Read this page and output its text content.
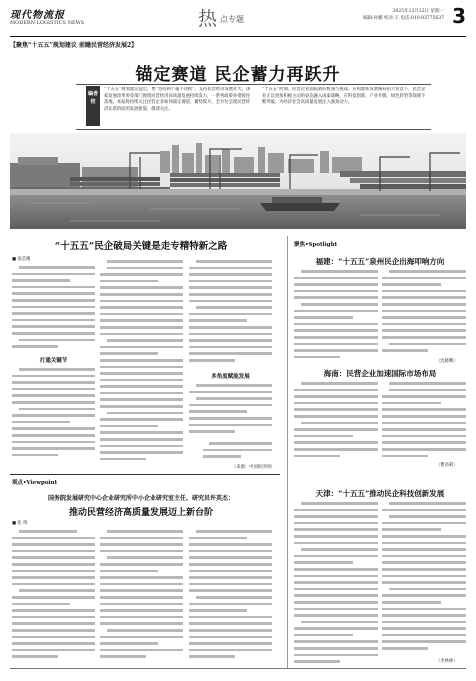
现代物流报
MODERN LOGISTICS NEWS	热 点专题
2025年12月22日 星期一
编辑:孙鹏 校对:王 电话:010-83775637 3
【聚焦“十五五”规划建议 前瞻民营经济发展2】
锚定赛道 民企蓄力再跃升
编者按
“十五五”规划建议提出，要“坚持两个毫不动摇”，支持民营经济发展壮大。国家发展改革委等部门围绕民营经济高质量发展持续发力，一系列政策举措接连落地。本报将持续关注民营企业如何锚定赛道、蓄势跃升，全方位呈现民营经济在新阶段的发展新貌，敬请关注。
“十五五”时期，民营企业面临新的机遇与挑战。在构建新发展格局的大背景下，民营企业正以更加积极主动的姿态融入国家战略，在科技创新、产业升级、绿色转型等领域不断突破，为经济社会高质量发展注入强劲动力。
“十五五”民企破局关键是走专精特新之路
■ 徐芸溪
打通关键节
多角度赋能发展
（来源：中国经济网）
观点•Viewpoint
国务院发展研究中心企业研究所中小企业研究室主任、研究员许英杰：
推动民营经济高质量发展迈上新台阶
■ 张 鸣
聚焦•Spotlight
福建：“十五五”泉州民企出海叩响方向
（沈晓鹰）
海南：民营企业加速国际市场布局
（曹清莉）
天津：“十五五”推动民企科技创新发展
（李林林）
